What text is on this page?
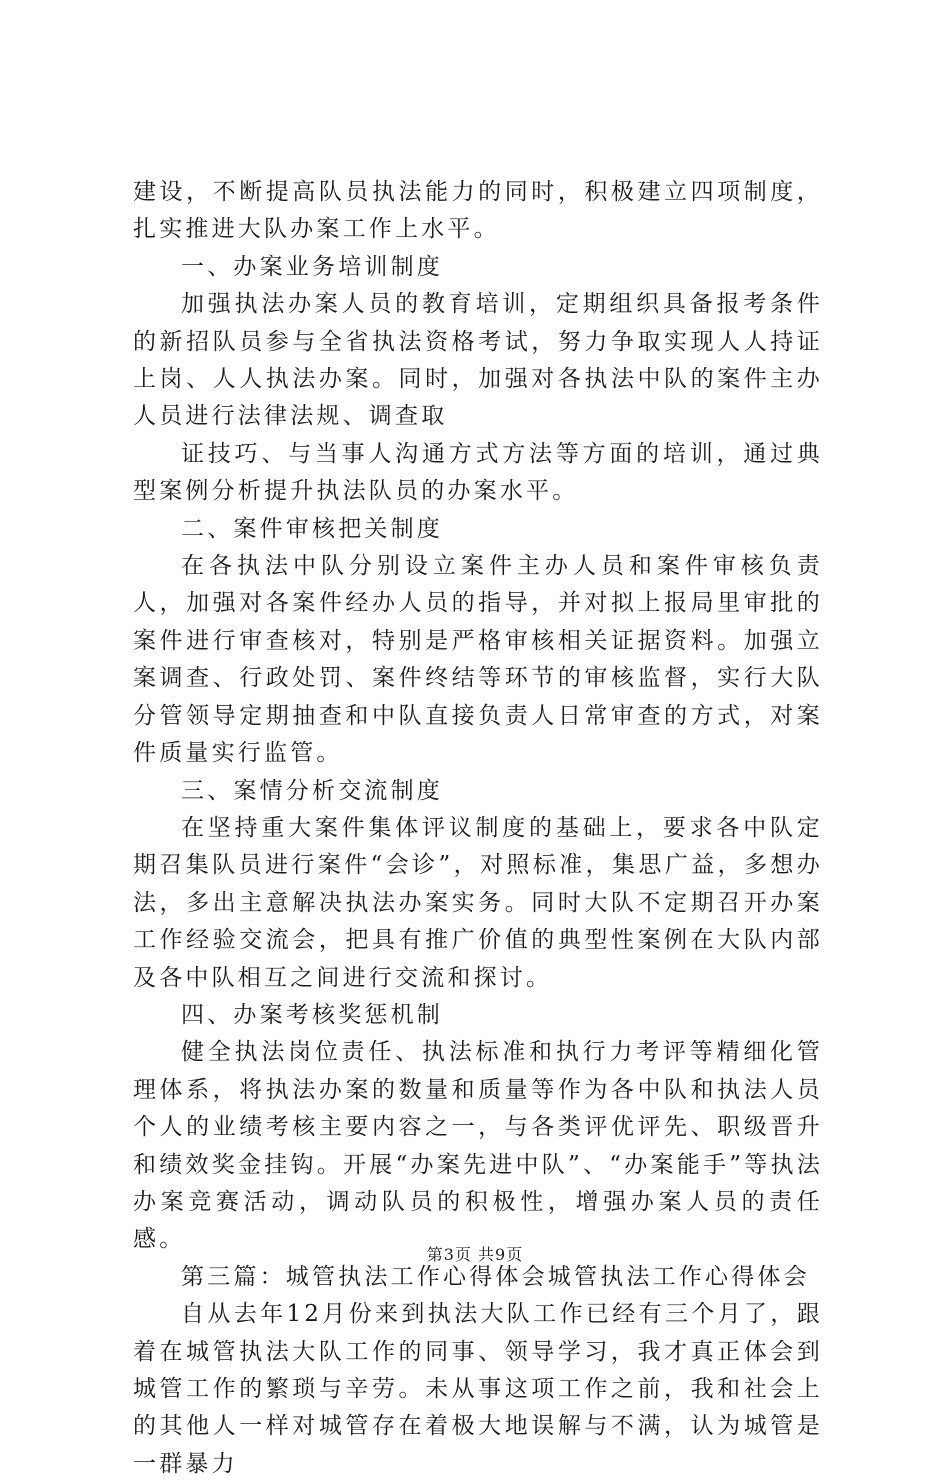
建设，不断提高队员执法能力的同时，积极建立四项制度，扎实推进大队办案工作上水平。

一、办案业务培训制度

加强执法办案人员的教育培训，定期组织具备报考条件的新招队员参与全省执法资格考试，努力争取实现人人持证上岗、人人执法办案。同时，加强对各执法中队的案件主办人员进行法律法规、调查取

证技巧、与当事人沟通方式方法等方面的培训，通过典型案例分析提升执法队员的办案水平。

二、案件审核把关制度

在各执法中队分别设立案件主办人员和案件审核负责人，加强对各案件经办人员的指导，并对拟上报局里审批的案件进行审查核对，特别是严格审核相关证据资料。加强立案调查、行政处罚、案件终结等环节的审核监督，实行大队分管领导定期抽查和中队直接负责人日常审查的方式，对案件质量实行监管。

三、案情分析交流制度

在坚持重大案件集体评议制度的基础上，要求各中队定期召集队员进行案件“会诊”，对照标准，集思广益，多想办法，多出主意解决执法办案实务。同时大队不定期召开办案工作经验交流会，把具有推广价值的典型性案例在大队内部及各中队相互之间进行交流和探讨。

四、办案考核奖惩机制

健全执法岗位责任、执法标准和执行力考评等精细化管理体系，将执法办案的数量和质量等作为各中队和执法人员个人的业绩考核主要内容之一，与各类评优评先、职级晋升和绩效奖金挂钩。开展“办案先进中队”、“办案能手”等执法办案竞赛活动，调动队员的积极性，增强办案人员的责任感。

第三篇：城管执法工作心得体会城管执法工作心得体会

自从去年12月份来到执法大队工作已经有三个月了，跟着在城管执法大队工作的同事、领导学习，我才真正体会到城管工作的繁琐与辛劳。未从事这项工作之前，我和社会上的其他人一样对城管存在着极大地误解与不满，认为城管是一群暴力

第3页 共9页
